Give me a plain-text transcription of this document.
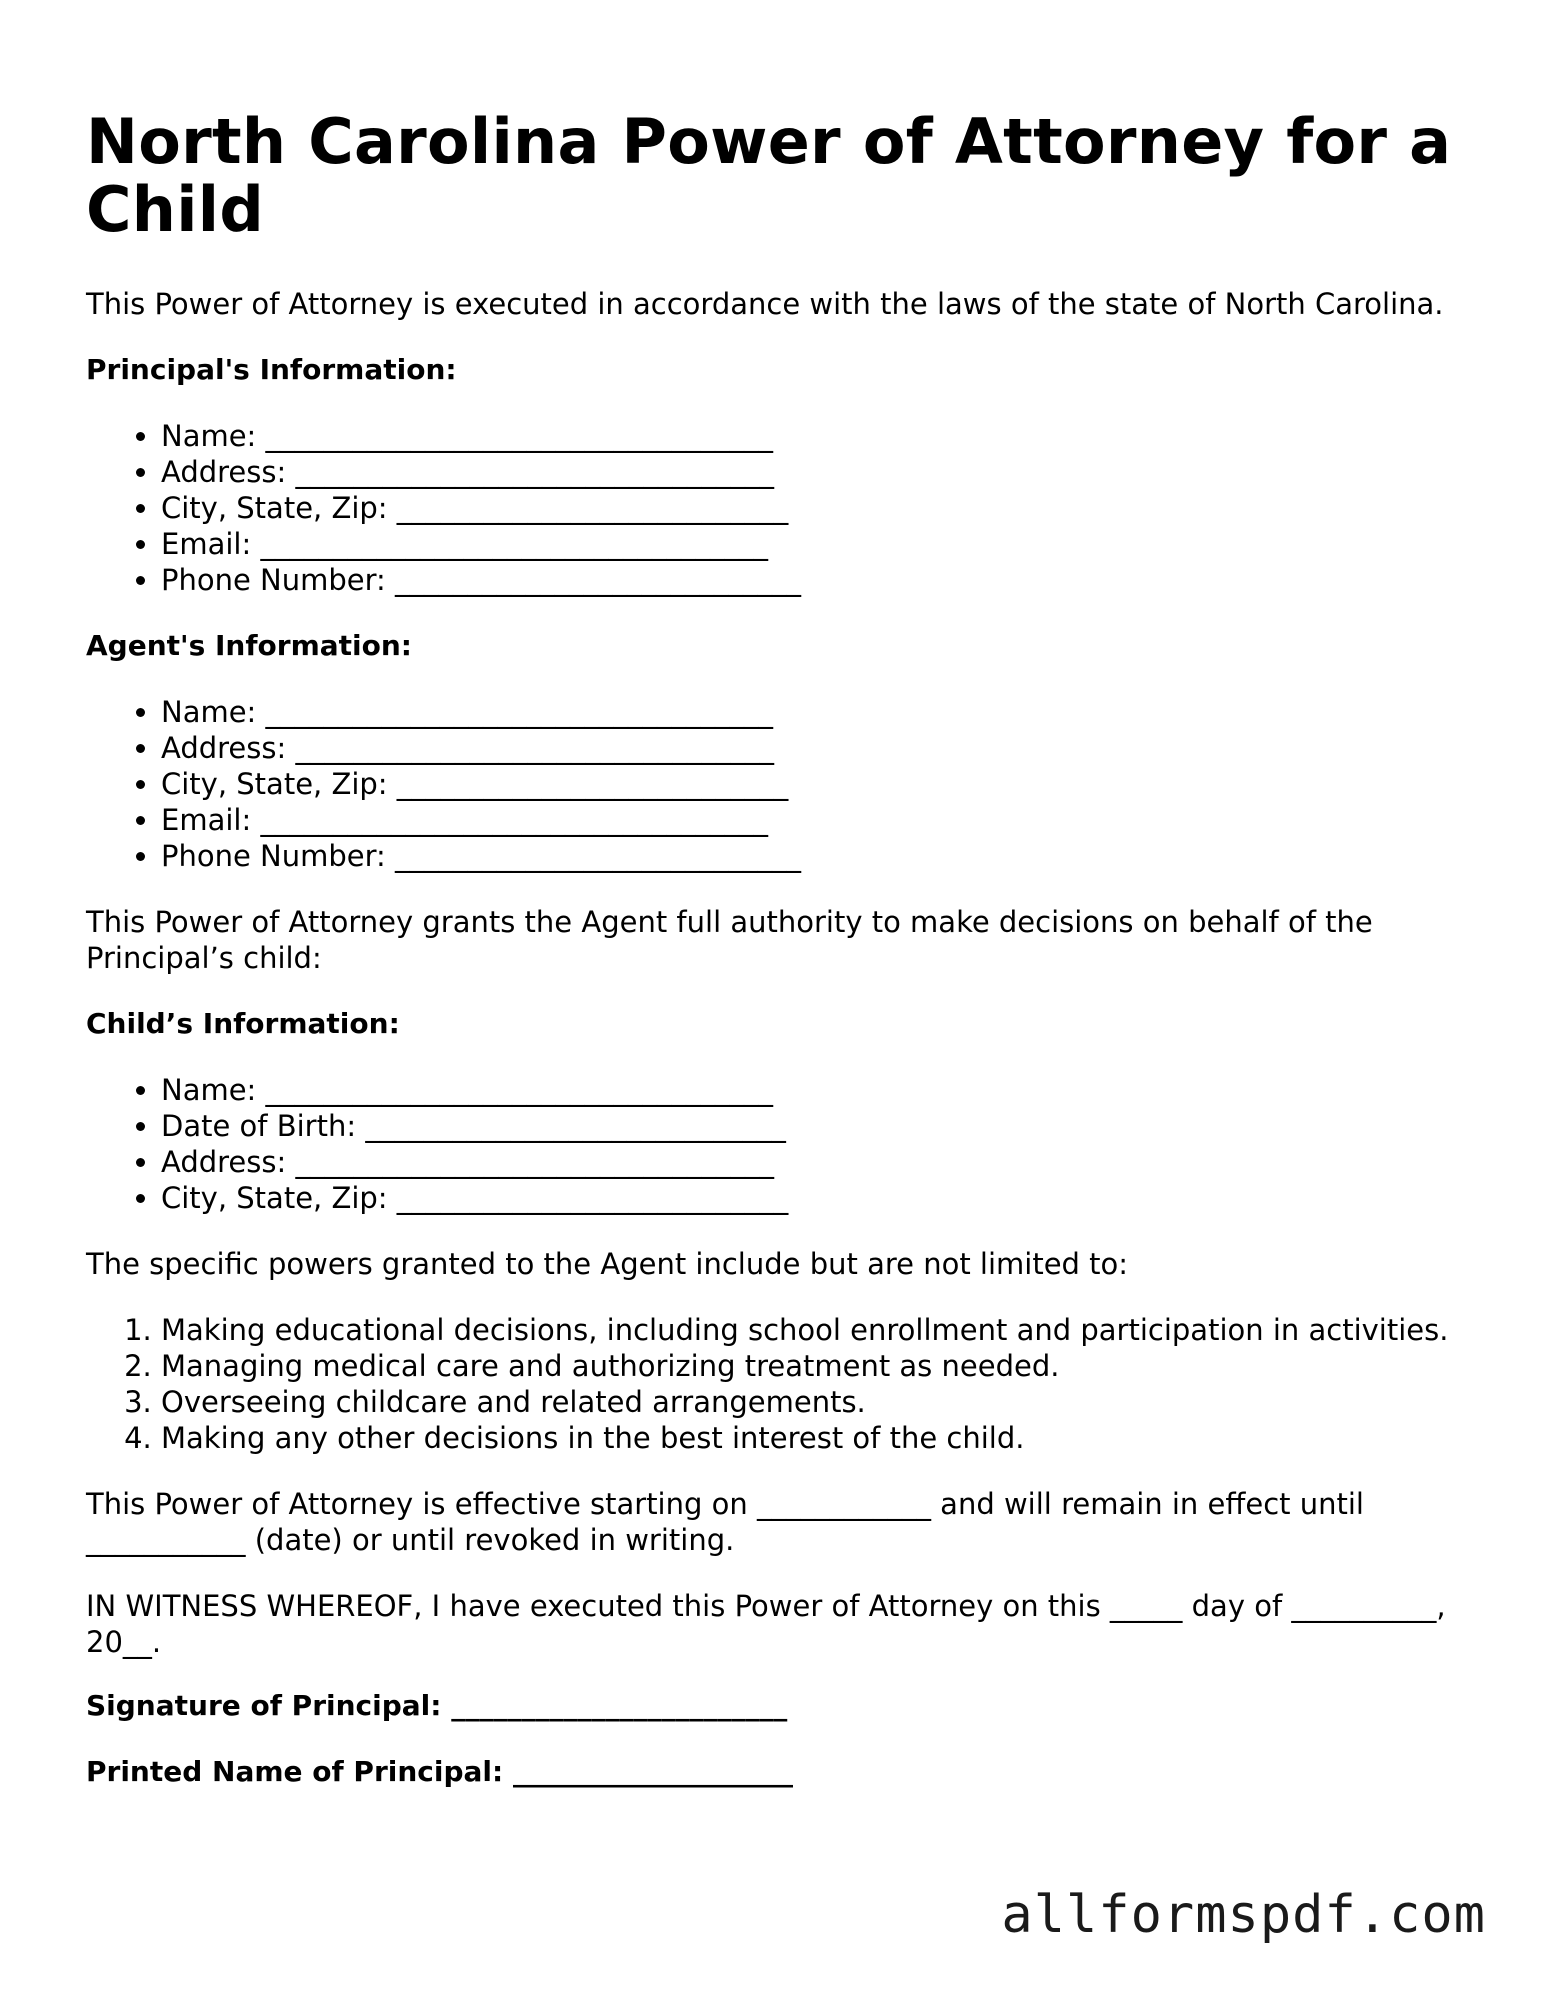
North Carolina Power of Attorney for a Child

This Power of Attorney is executed in accordance with the laws of the state of North Carolina.

Principal's Information:

• Name: ___________________________________
• Address: _________________________________
• City, State, Zip: ___________________________
• Email: ___________________________________
• Phone Number: ____________________________

Agent's Information:

• Name: ___________________________________
• Address: _________________________________
• City, State, Zip: ___________________________
• Email: ___________________________________
• Phone Number: ____________________________

This Power of Attorney grants the Agent full authority to make decisions on behalf of the Principal’s child:

Child’s Information:

• Name: ___________________________________
• Date of Birth: _____________________________
• Address: _________________________________
• City, State, Zip: ___________________________

The specific powers granted to the Agent include but are not limited to:

1. Making educational decisions, including school enrollment and participation in activities.
2. Managing medical care and authorizing treatment as needed.
3. Overseeing childcare and related arrangements.
4. Making any other decisions in the best interest of the child.

This Power of Attorney is effective starting on ____________ and will remain in effect until ___________ (date) or until revoked in writing.

IN WITNESS WHEREOF, I have executed this Power of Attorney on this _____ day of __________, 20__.

Signature of Principal: ________________________

Printed Name of Principal: ____________________

allformspdf.com
